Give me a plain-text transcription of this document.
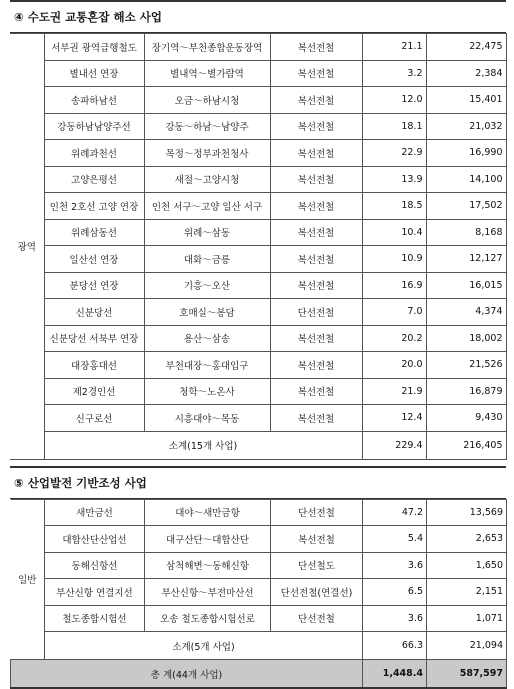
④ 수도권 교통혼잡 해소 사업
광역	서부권 광역급행철도	장기역～부천종합운동장역	복선전철	21.1	22,475
	별내선 연장	별내역～별가람역	복선전철	3.2	2,384
	송파하남선	오금～하남시청	복선전철	12.0	15,401
	강동하남남양주선	강동～하남～남양주	복선전철	18.1	21,032
	위례과천선	목정～정부과천청사	복선전철	22.9	16,990
	고양은평선	새절～고양시청	복선전철	13.9	14,100
	인천 2호선 고양 연장	인천 서구～고양 일산 서구	복선전철	18.5	17,502
	위례삼동선	위례～삼동	복선전철	10.4	8,168
	일산선 연장	대화～금릉	복선전철	10.9	12,127
	분당선 연장	기흥～오산	복선전철	16.9	16,015
	신분당선	호매실～봉담	단선전철	7.0	4,374
	신분당선 서북부 연장	용산～삼송	복선전철	20.2	18,002
	대장홍대선	부천대장～홍대입구	복선전철	20.0	21,526
	제2경인선	청학～노온사	복선전철	21.9	16,879
	신구로선	시흥대야～목동	복선전철	12.4	9,430
	소계(15개 사업)			229.4	216,405
⑤ 산업발전 기반조성 사업
일반	새만금선	대야～새만금항	단선전철	47.2	13,569
	대합산단산업선	대구산단～대합산단	복선전철	5.4	2,653
	동해신항선	삼척해변～동해신항	단선철도	3.6	1,650
	부산신항 연결지선	부산신항～부전마산선	단선전철(연결선)	6.5	2,151
	철도종합시험선	오송 철도종합시험선로	단선전철	3.6	1,071
	소계(5개 사업)			66.3	21,094
총 계(44개 사업)				1,448.4	587,597
